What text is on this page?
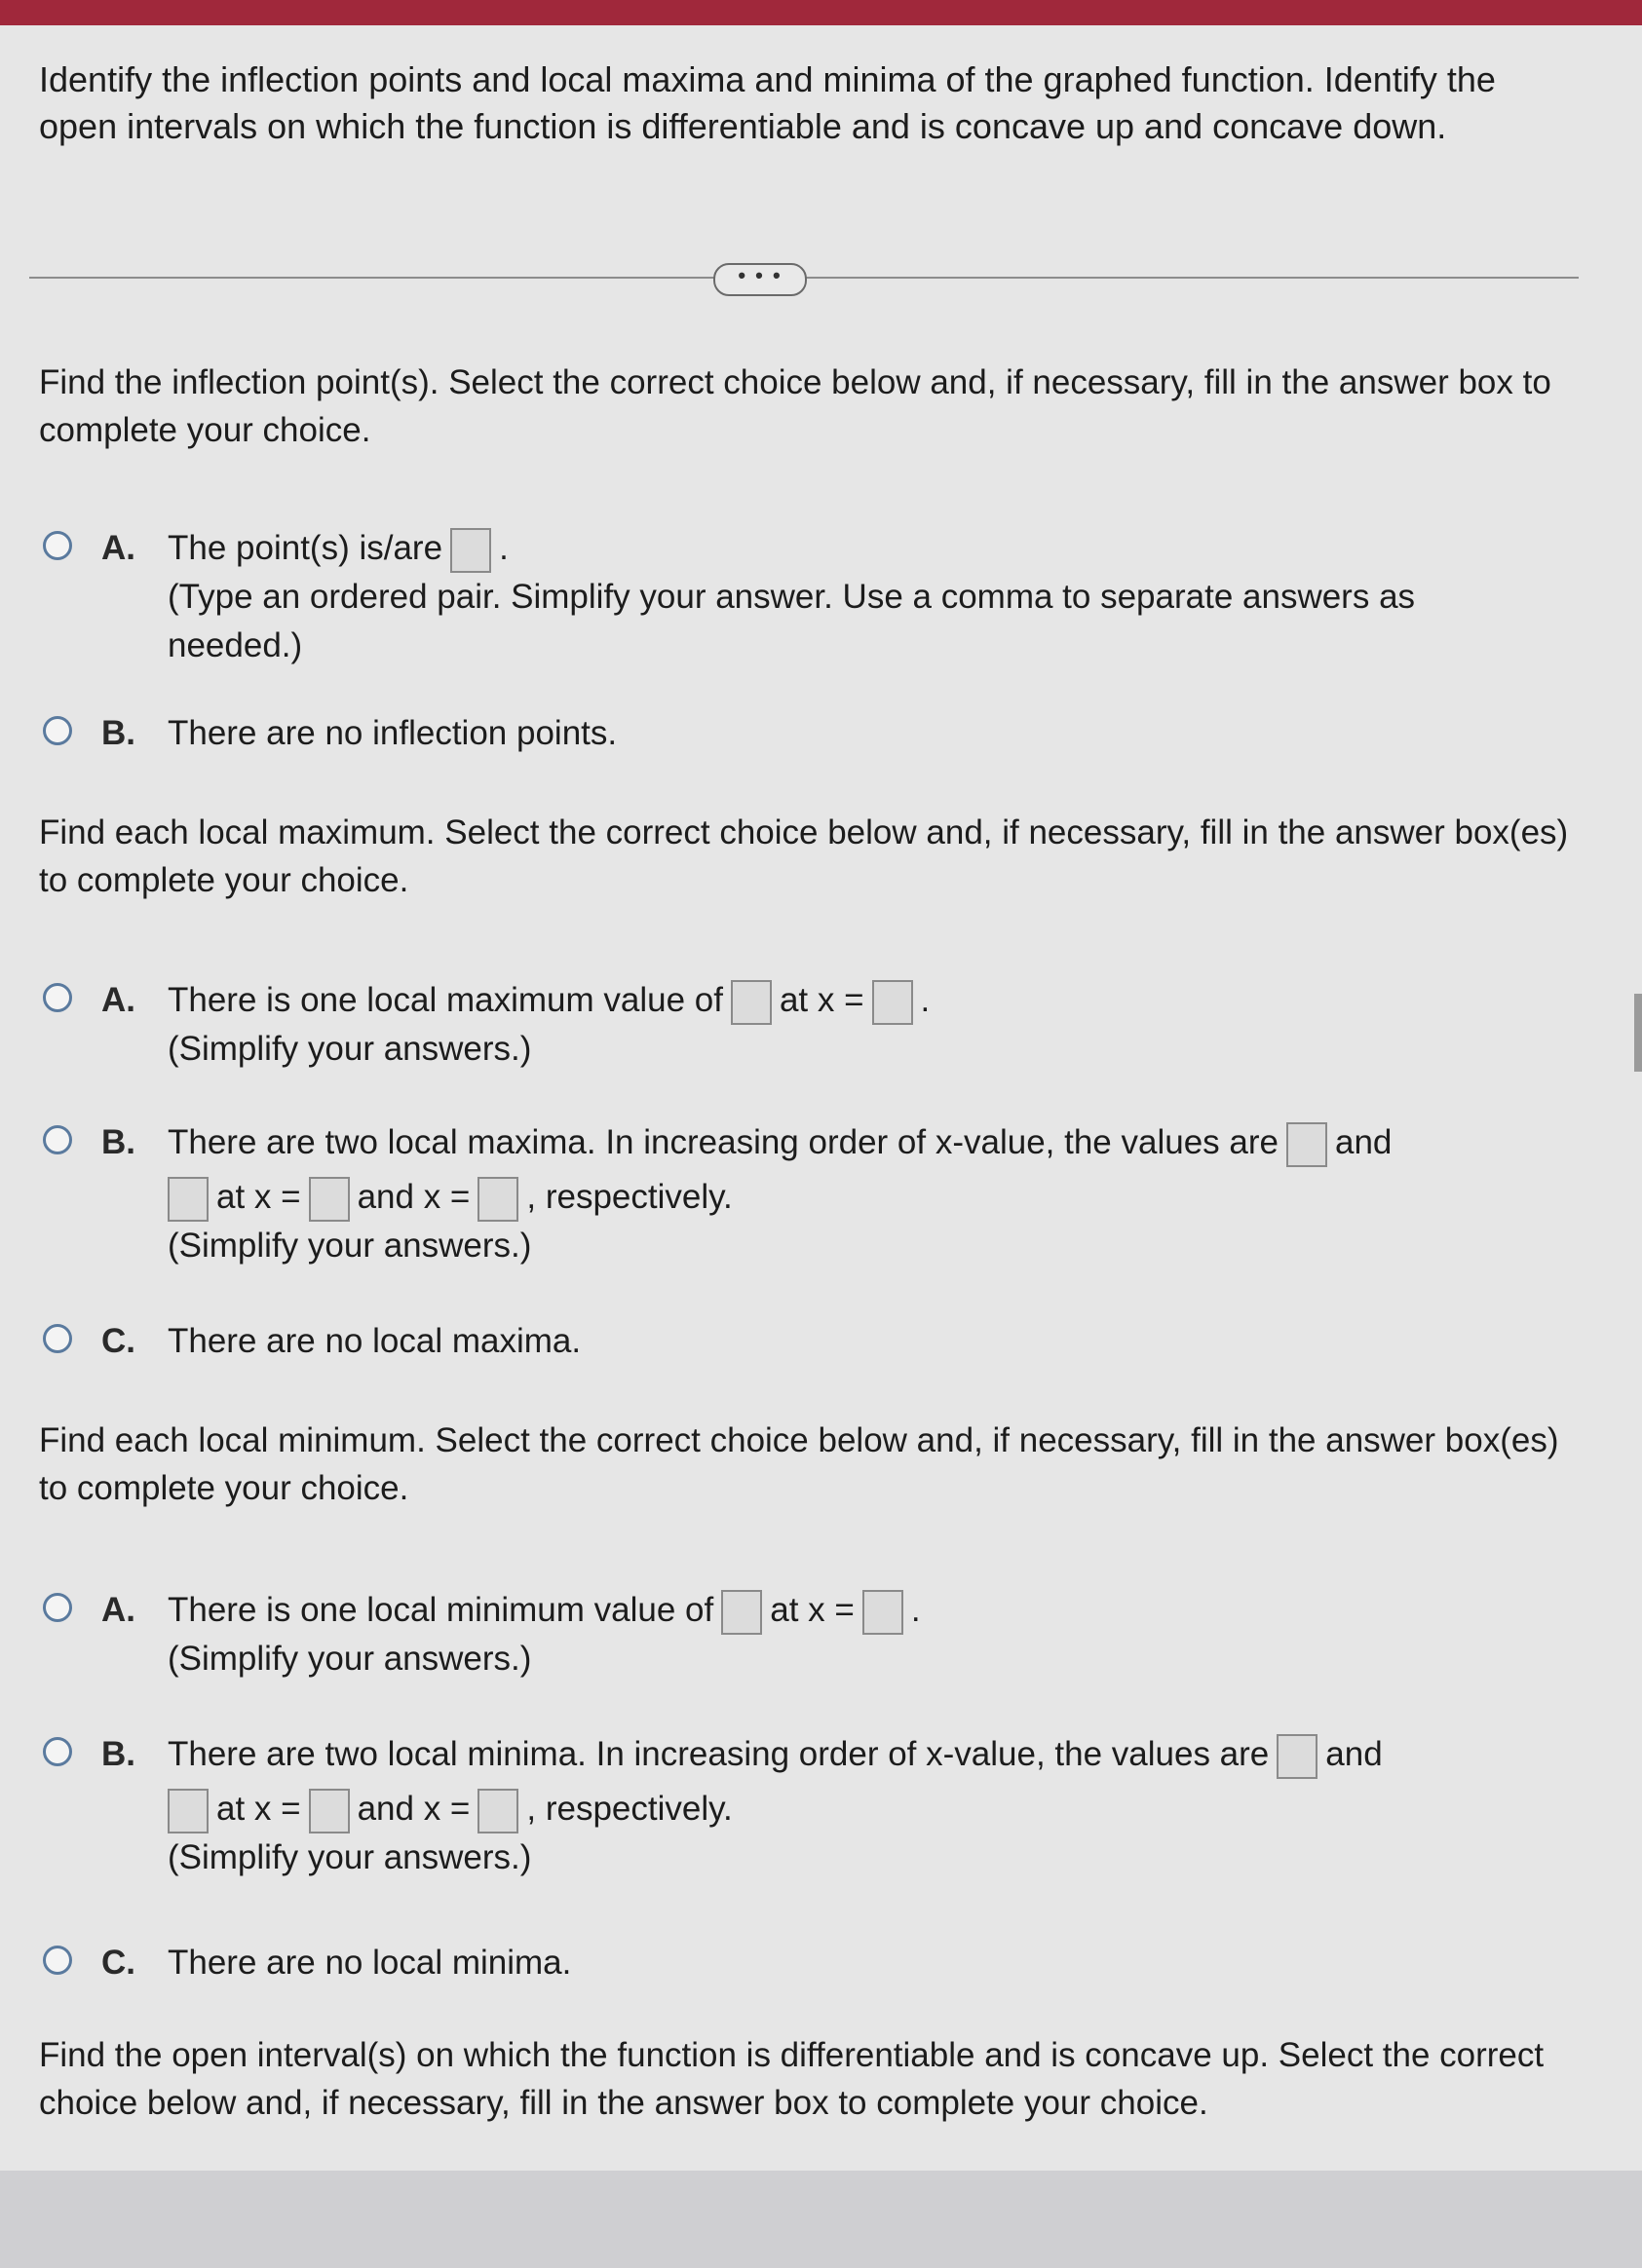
Identify the inflection points and local maxima and minima of the graphed function. Identify the open intervals on which the function is differentiable and is concave up and concave down.
• • •
Find the inflection point(s). Select the correct choice below and, if necessary, fill in the answer box to complete your choice.
A. The point(s) is/are .
(Type an ordered pair. Simplify your answer. Use a comma to separate answers as needed.)
B. There are no inflection points.
Find each local maximum. Select the correct choice below and, if necessary, fill in the answer box(es) to complete your choice.
A. There is one local maximum value of at x = .
(Simplify your answers.)
B. There are two local maxima. In increasing order of x-value, the values are and
at x = and x = , respectively.
(Simplify your answers.)
C. There are no local maxima.
Find each local minimum. Select the correct choice below and, if necessary, fill in the answer box(es) to complete your choice.
A. There is one local minimum value of at x = .
(Simplify your answers.)
B. There are two local minima. In increasing order of x-value, the values are and
at x = and x = , respectively.
(Simplify your answers.)
C. There are no local minima.
Find the open interval(s) on which the function is differentiable and is concave up. Select the correct choice below and, if necessary, fill in the answer box to complete your choice.
